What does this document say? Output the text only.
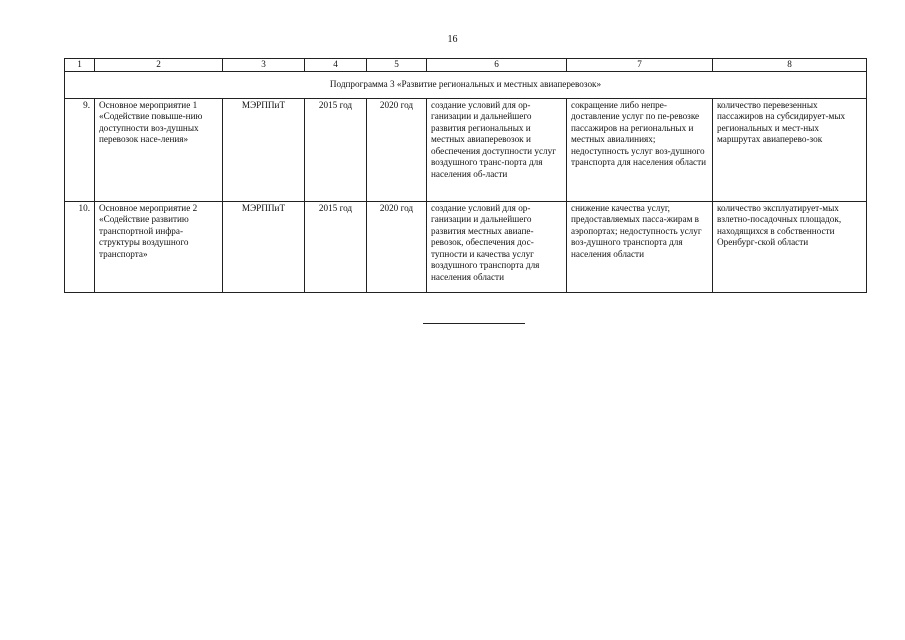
16
1	2	3	4	5	6	7	8
Подпрограмма 3 «Развитие региональных и местных авиаперевозок»							
9.	Основное мероприятие 1 «Содействие повыше-нию доступности воз-душных перевозок насе-ления»	МЭРППиТ	2015 год	2020 год	создание условий для ор-ганизации и дальнейшего развития региональных и местных авиаперевозок и обеспечения доступности услуг воздушного транс-порта для населения об-ласти	сокращение либо непре-доставление услуг по пе-ревозке пассажиров на региональных и местных авиалиниях; недоступность услуг воз-душного транспорта для населения области	количество перевезенных пассажиров на субсидирует-мых региональных и мест-ных маршрутах авиаперево-зок
10.	Основное мероприятие 2 «Содействие развитию транспортной инфра-структуры воздушного транспорта»	МЭРППиТ	2015 год	2020 год	создание условий для ор-ганизации и дальнейшего развития местных авиапе-ревозок, обеспечения дос-тупности и качества услуг воздушного транспорта для населения области	снижение качества услуг, предоставляемых пасса-жирам в аэропортах; недоступность услуг воз-душного транспорта для населения области	количество эксплуатирует-мых взлетно-посадочных площадок, находящихся в собственности Оренбург-ской области
